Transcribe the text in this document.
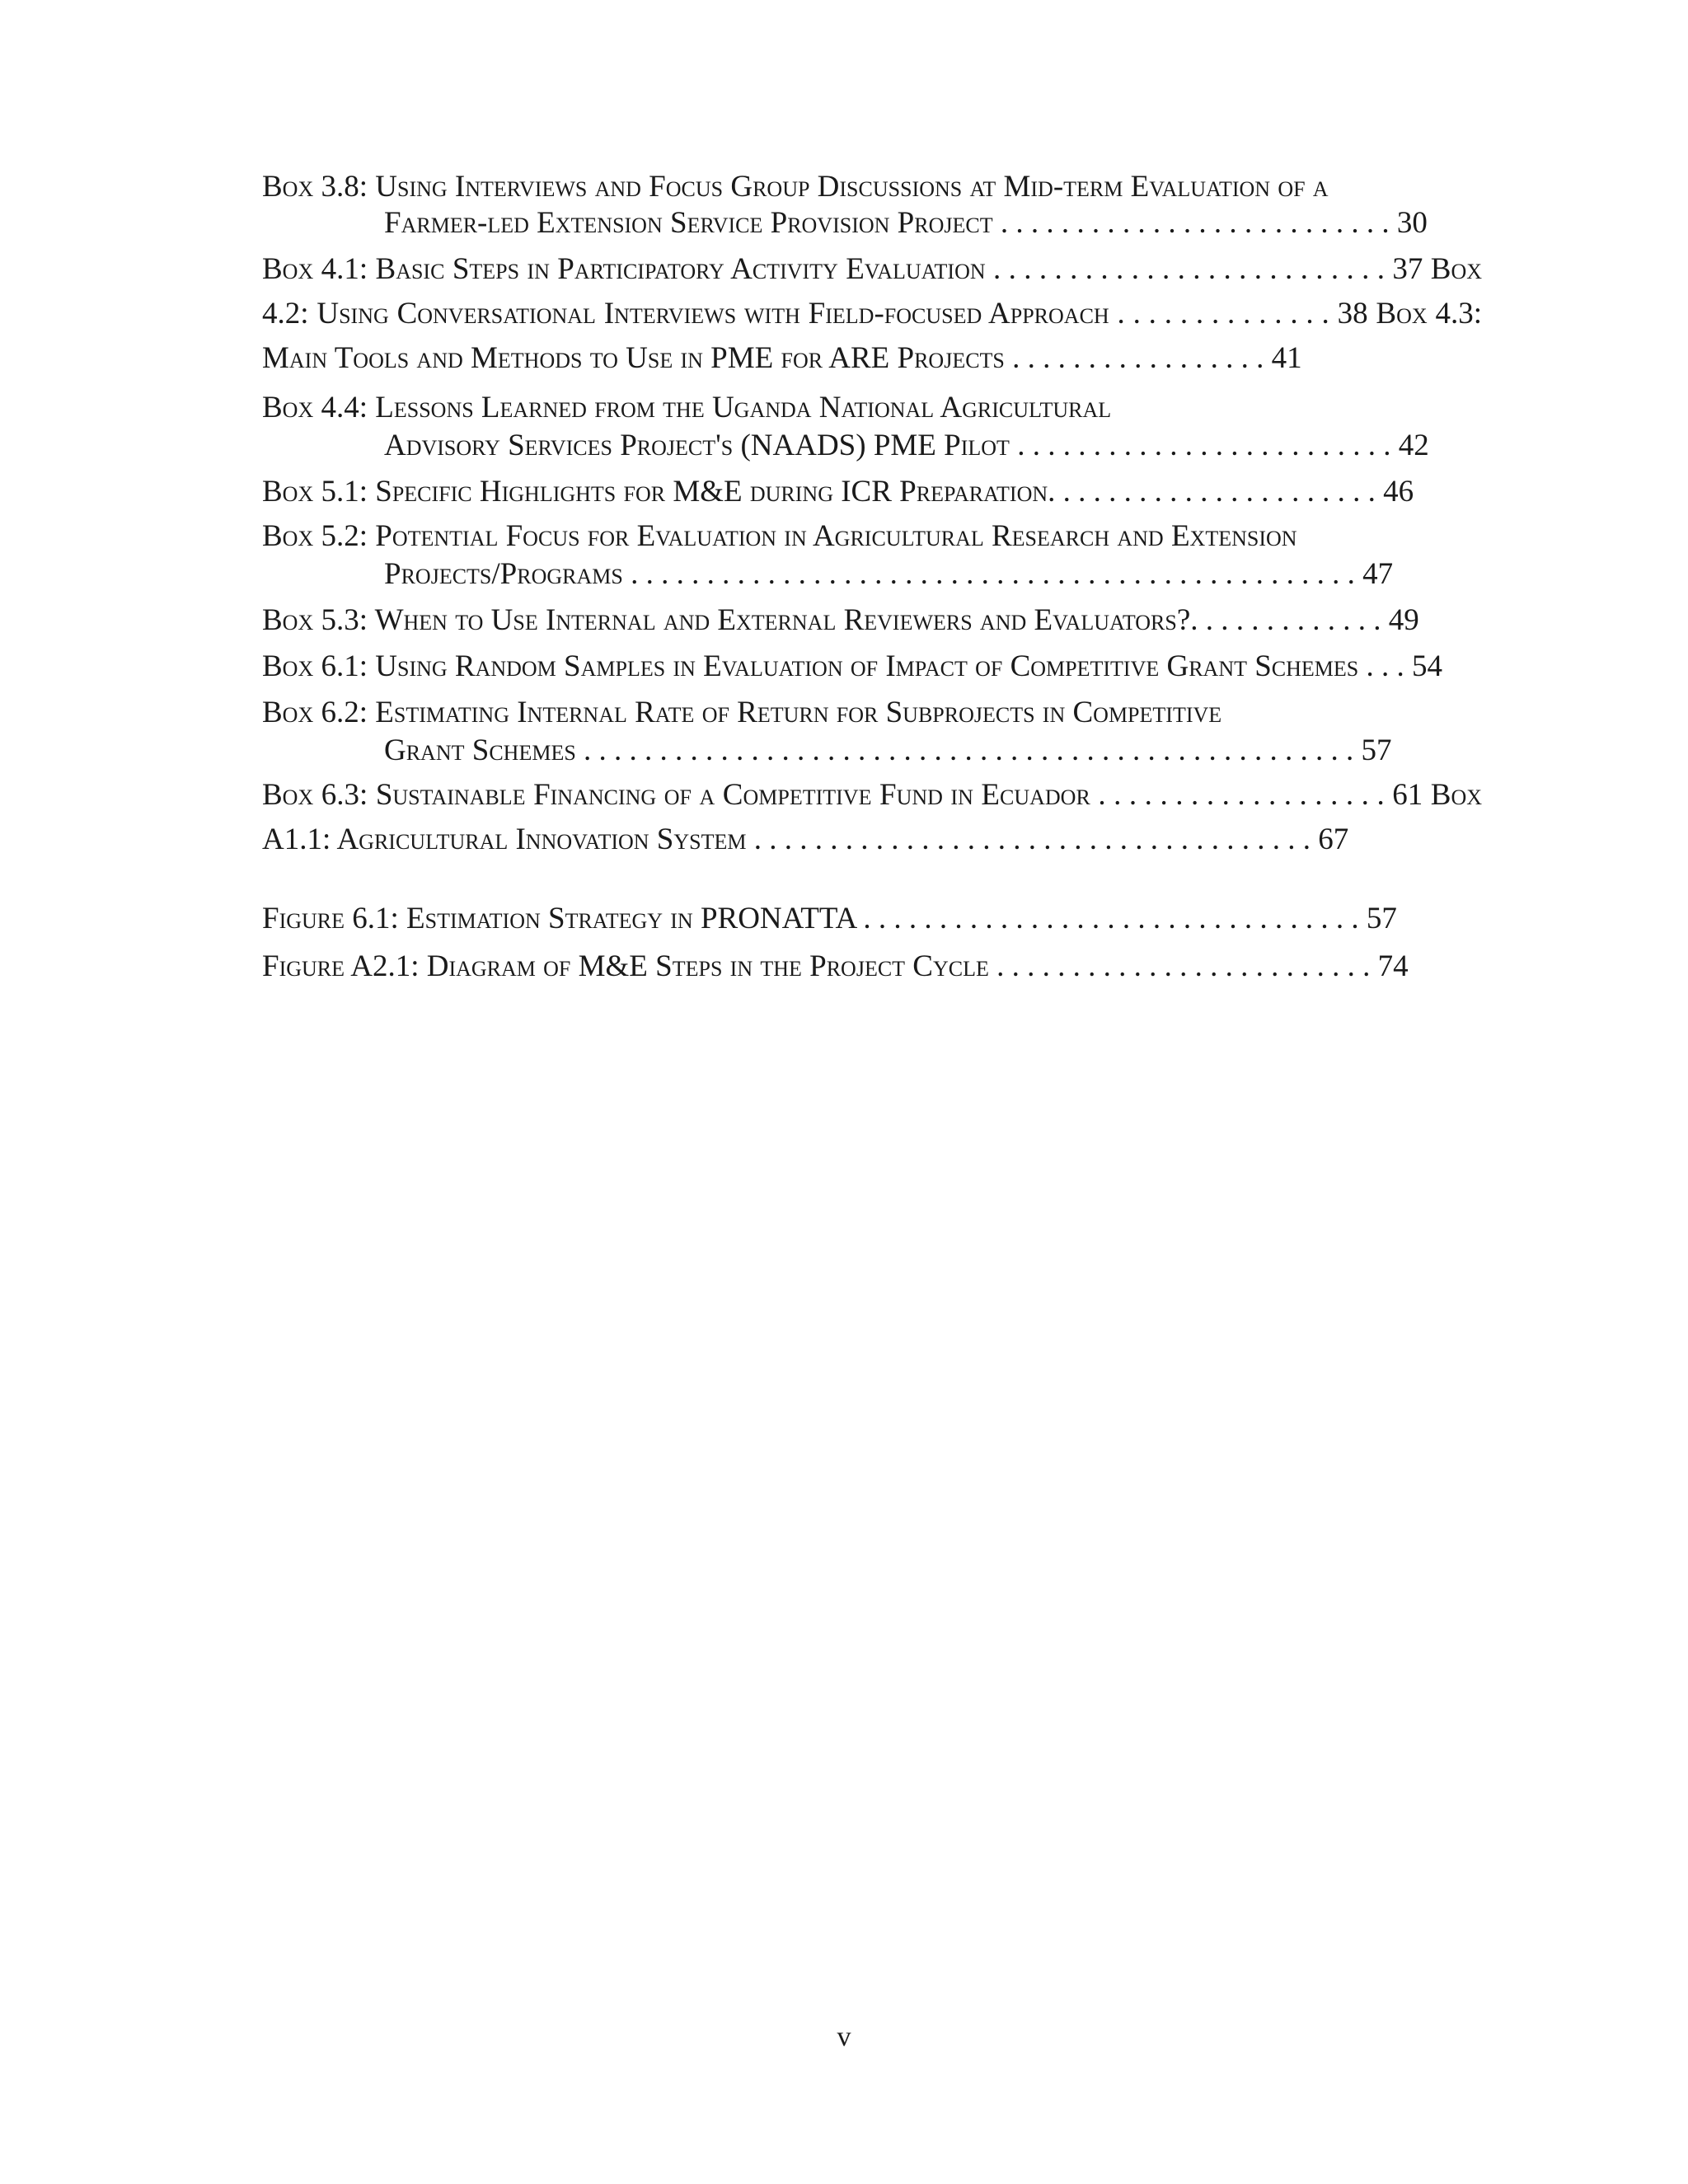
Box 3.8: Using Interviews and Focus Group Discussions at Mid-term Evaluation of a
Farmer-led Extension Service Provision Project . . . . . . . . . . . . . . . . . . . . . . . . . . 30
Box 4.1: Basic Steps in Participatory Activity Evaluation . . . . . . . . . . . . . . . . . . . . . . . . . . 37 Box
4.2: Using Conversational Interviews with Field-focused Approach . . . . . . . . . . . . . . 38 Box 4.3:
Main Tools and Methods to Use in PME for ARE Projects . . . . . . . . . . . . . . . . . 41
Box 4.4: Lessons Learned from the Uganda National Agricultural
Advisory Services Project's (NAADS) PME Pilot . . . . . . . . . . . . . . . . . . . . . . . . . 42
Box 5.1: Specific Highlights for M&E during ICR Preparation. . . . . . . . . . . . . . . . . . . . . . 46
Box 5.2: Potential Focus for Evaluation in Agricultural Research and Extension
Projects/Programs . . . . . . . . . . . . . . . . . . . . . . . . . . . . . . . . . . . . . . . . . . . . . . . . 47
Box 5.3: When to Use Internal and External Reviewers and Evaluators?. . . . . . . . . . . . . 49
Box 6.1: Using Random Samples in Evaluation of Impact of Competitive Grant Schemes . . . 54
Box 6.2: Estimating Internal Rate of Return for Subprojects in Competitive
Grant Schemes . . . . . . . . . . . . . . . . . . . . . . . . . . . . . . . . . . . . . . . . . . . . . . . . . . . 57
Box 6.3: Sustainable Financing of a Competitive Fund in Ecuador . . . . . . . . . . . . . . . . . . . 61 Box
A1.1: Agricultural Innovation System . . . . . . . . . . . . . . . . . . . . . . . . . . . . . . . . . . . . . 67
Figure 6.1: Estimation Strategy in PRONATTA . . . . . . . . . . . . . . . . . . . . . . . . . . . . . . . . . 57
Figure A2.1: Diagram of M&E Steps in the Project Cycle . . . . . . . . . . . . . . . . . . . . . . . . . 74
v
